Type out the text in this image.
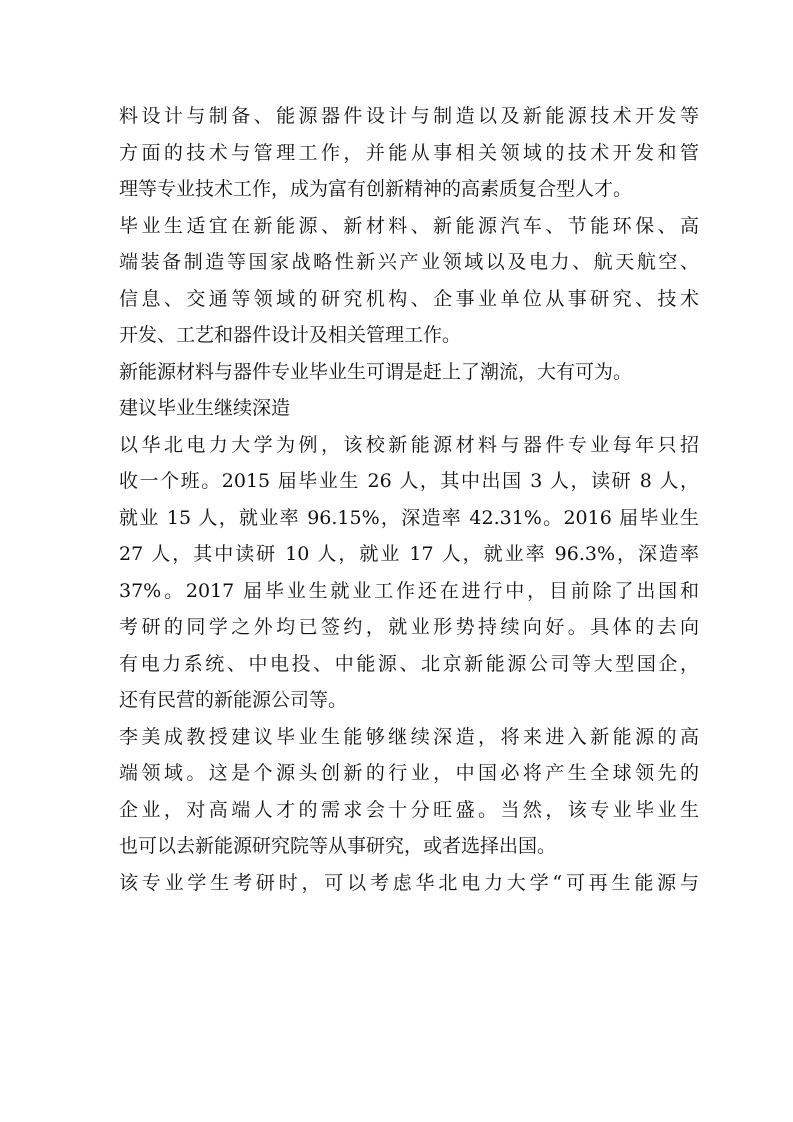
料设计与制备、能源器件设计与制造以及新能源技术开发等
方面的技术与管理工作，并能从事相关领域的技术开发和管
理等专业技术工作，成为富有创新精神的高素质复合型人才。
毕业生适宜在新能源、新材料、新能源汽车、节能环保、高
端装备制造等国家战略性新兴产业领域以及电力、航天航空、
信息、交通等领域的研究机构、企事业单位从事研究、技术
开发、工艺和器件设计及相关管理工作。
新能源材料与器件专业毕业生可谓是赶上了潮流，大有可为。
建议毕业生继续深造
以华北电力大学为例，该校新能源材料与器件专业每年只招
收一个班。2015 届毕业生 26 人，其中出国 3 人，读研 8 人，
就业 15 人，就业率 96.15%，深造率 42.31%。2016 届毕业生
27 人，其中读研 10 人，就业 17 人，就业率 96.3%，深造率
37%。2017 届毕业生就业工作还在进行中，目前除了出国和
考研的同学之外均已签约，就业形势持续向好。具体的去向
有电力系统、中电投、中能源、北京新能源公司等大型国企，
还有民营的新能源公司等。
李美成教授建议毕业生能够继续深造，将来进入新能源的高
端领域。这是个源头创新的行业，中国必将产生全球领先的
企业，对高端人才的需求会十分旺盛。当然，该专业毕业生
也可以去新能源研究院等从事研究，或者选择出国。
该专业学生考研时，可以考虑华北电力大学“可再生能源与
